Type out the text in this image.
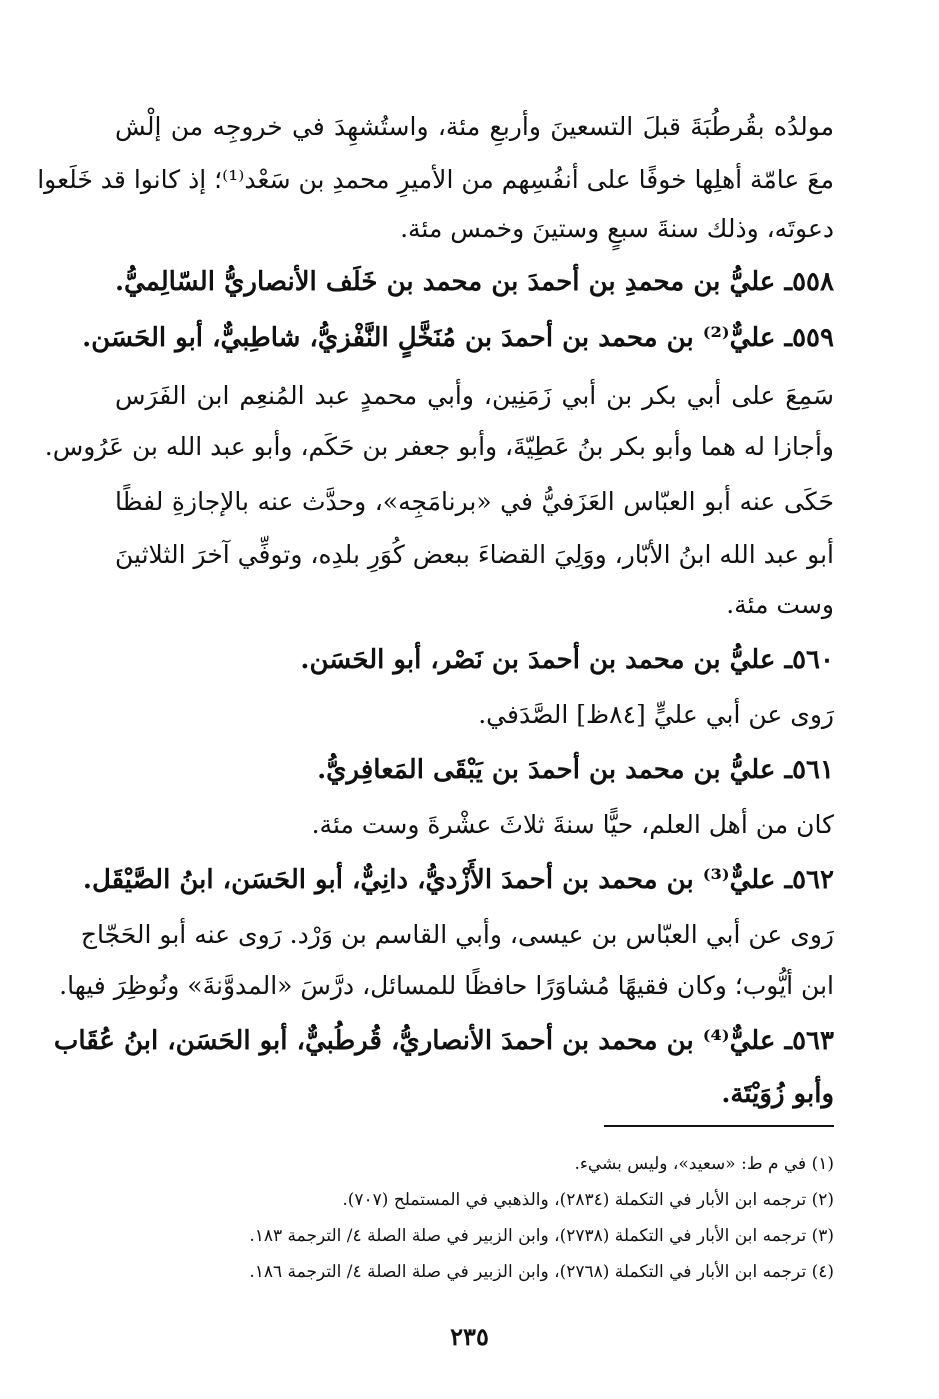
مولدُه بقُرطُبَةَ قبلَ التسعينَ وأربعِ مئة، واستُشهِدَ في خروجِه من إلْش
معَ عامّة أهلِها خوفًا على أنفُسِهم من الأميرِ محمدِ بن سَعْد⁽¹⁾؛ إذ كانوا قد خَلَعوا
دعوتَه، وذلك سنةَ سبعٍ وستينَ وخمس مئة.
٥٥٨ـ عليُّ بن محمدِ بن أحمدَ بن محمد بن خَلَف الأنصاريُّ السّالِميُّ.
٥٥٩ـ عليٌّ⁽²⁾ بن محمد بن أحمدَ بن مُنَخَّلٍ النَّفْزيُّ، شاطِبيٌّ، أبو الحَسَن.
سَمِعَ على أبي بكر بن أبي زَمَنِين، وأبي محمدٍ عبد المُنعِم ابن الفَرَس
وأجازا له هما وأبو بكر بنُ عَطِيّةَ، وأبو جعفر بن حَكَم، وأبو عبد الله بن عَرُوس.
حَكَى عنه أبو العبّاس العَزَفيُّ في «برنامَجِه»، وحدَّث عنه بالإجازةِ لفظًا
أبو عبد الله ابنُ الأبّار، ووَلِيَ القضاءَ ببعض كُوَرِ بلدِه، وتوفِّي آخرَ الثلاثينَ
وست مئة.
٥٦٠ـ عليُّ بن محمد بن أحمدَ بن نَصْر، أبو الحَسَن.
رَوى عن أبي عليٍّ [٨٤ظ] الصَّدَفي.
٥٦١ـ عليُّ بن محمد بن أحمدَ بن يَبْقَى المَعافِريُّ.
كان من أهل العلم، حيًّا سنةَ ثلاثَ عشْرةَ وست مئة.
٥٦٢ـ عليٌّ⁽³⁾ بن محمد بن أحمدَ الأَزْديُّ، دانِيٌّ، أبو الحَسَن، ابنُ الصَّيْقَل.
رَوى عن أبي العبّاس بن عيسى، وأبي القاسم بن وَرْد. رَوى عنه أبو الحَجّاج
ابن أيُّوب؛ وكان فقيهًا مُشاوَرًا حافظًا للمسائل، درَّسَ «المدوَّنةَ» ونُوظِرَ فيها.
٥٦٣ـ عليٌّ⁽⁴⁾ بن محمد بن أحمدَ الأنصاريُّ، قُرطُبيٌّ، أبو الحَسَن، ابنُ عُقَاب
وأبو زُوَيْتَة.
(١) في م ط: «سعيد»، وليس بشيء.
(٢) ترجمه ابن الأبار في التكملة (٢٨٣٤)، والذهبي في المستملح (٧٠٧).
(٣) ترجمه ابن الأبار في التكملة (٢٧٣٨)، وابن الزبير في صلة الصلة ٤/ الترجمة ١٨٣.
(٤) ترجمه ابن الأبار في التكملة (٢٧٦٨)، وابن الزبير في صلة الصلة ٤/ الترجمة ١٨٦.
٢٣٥
